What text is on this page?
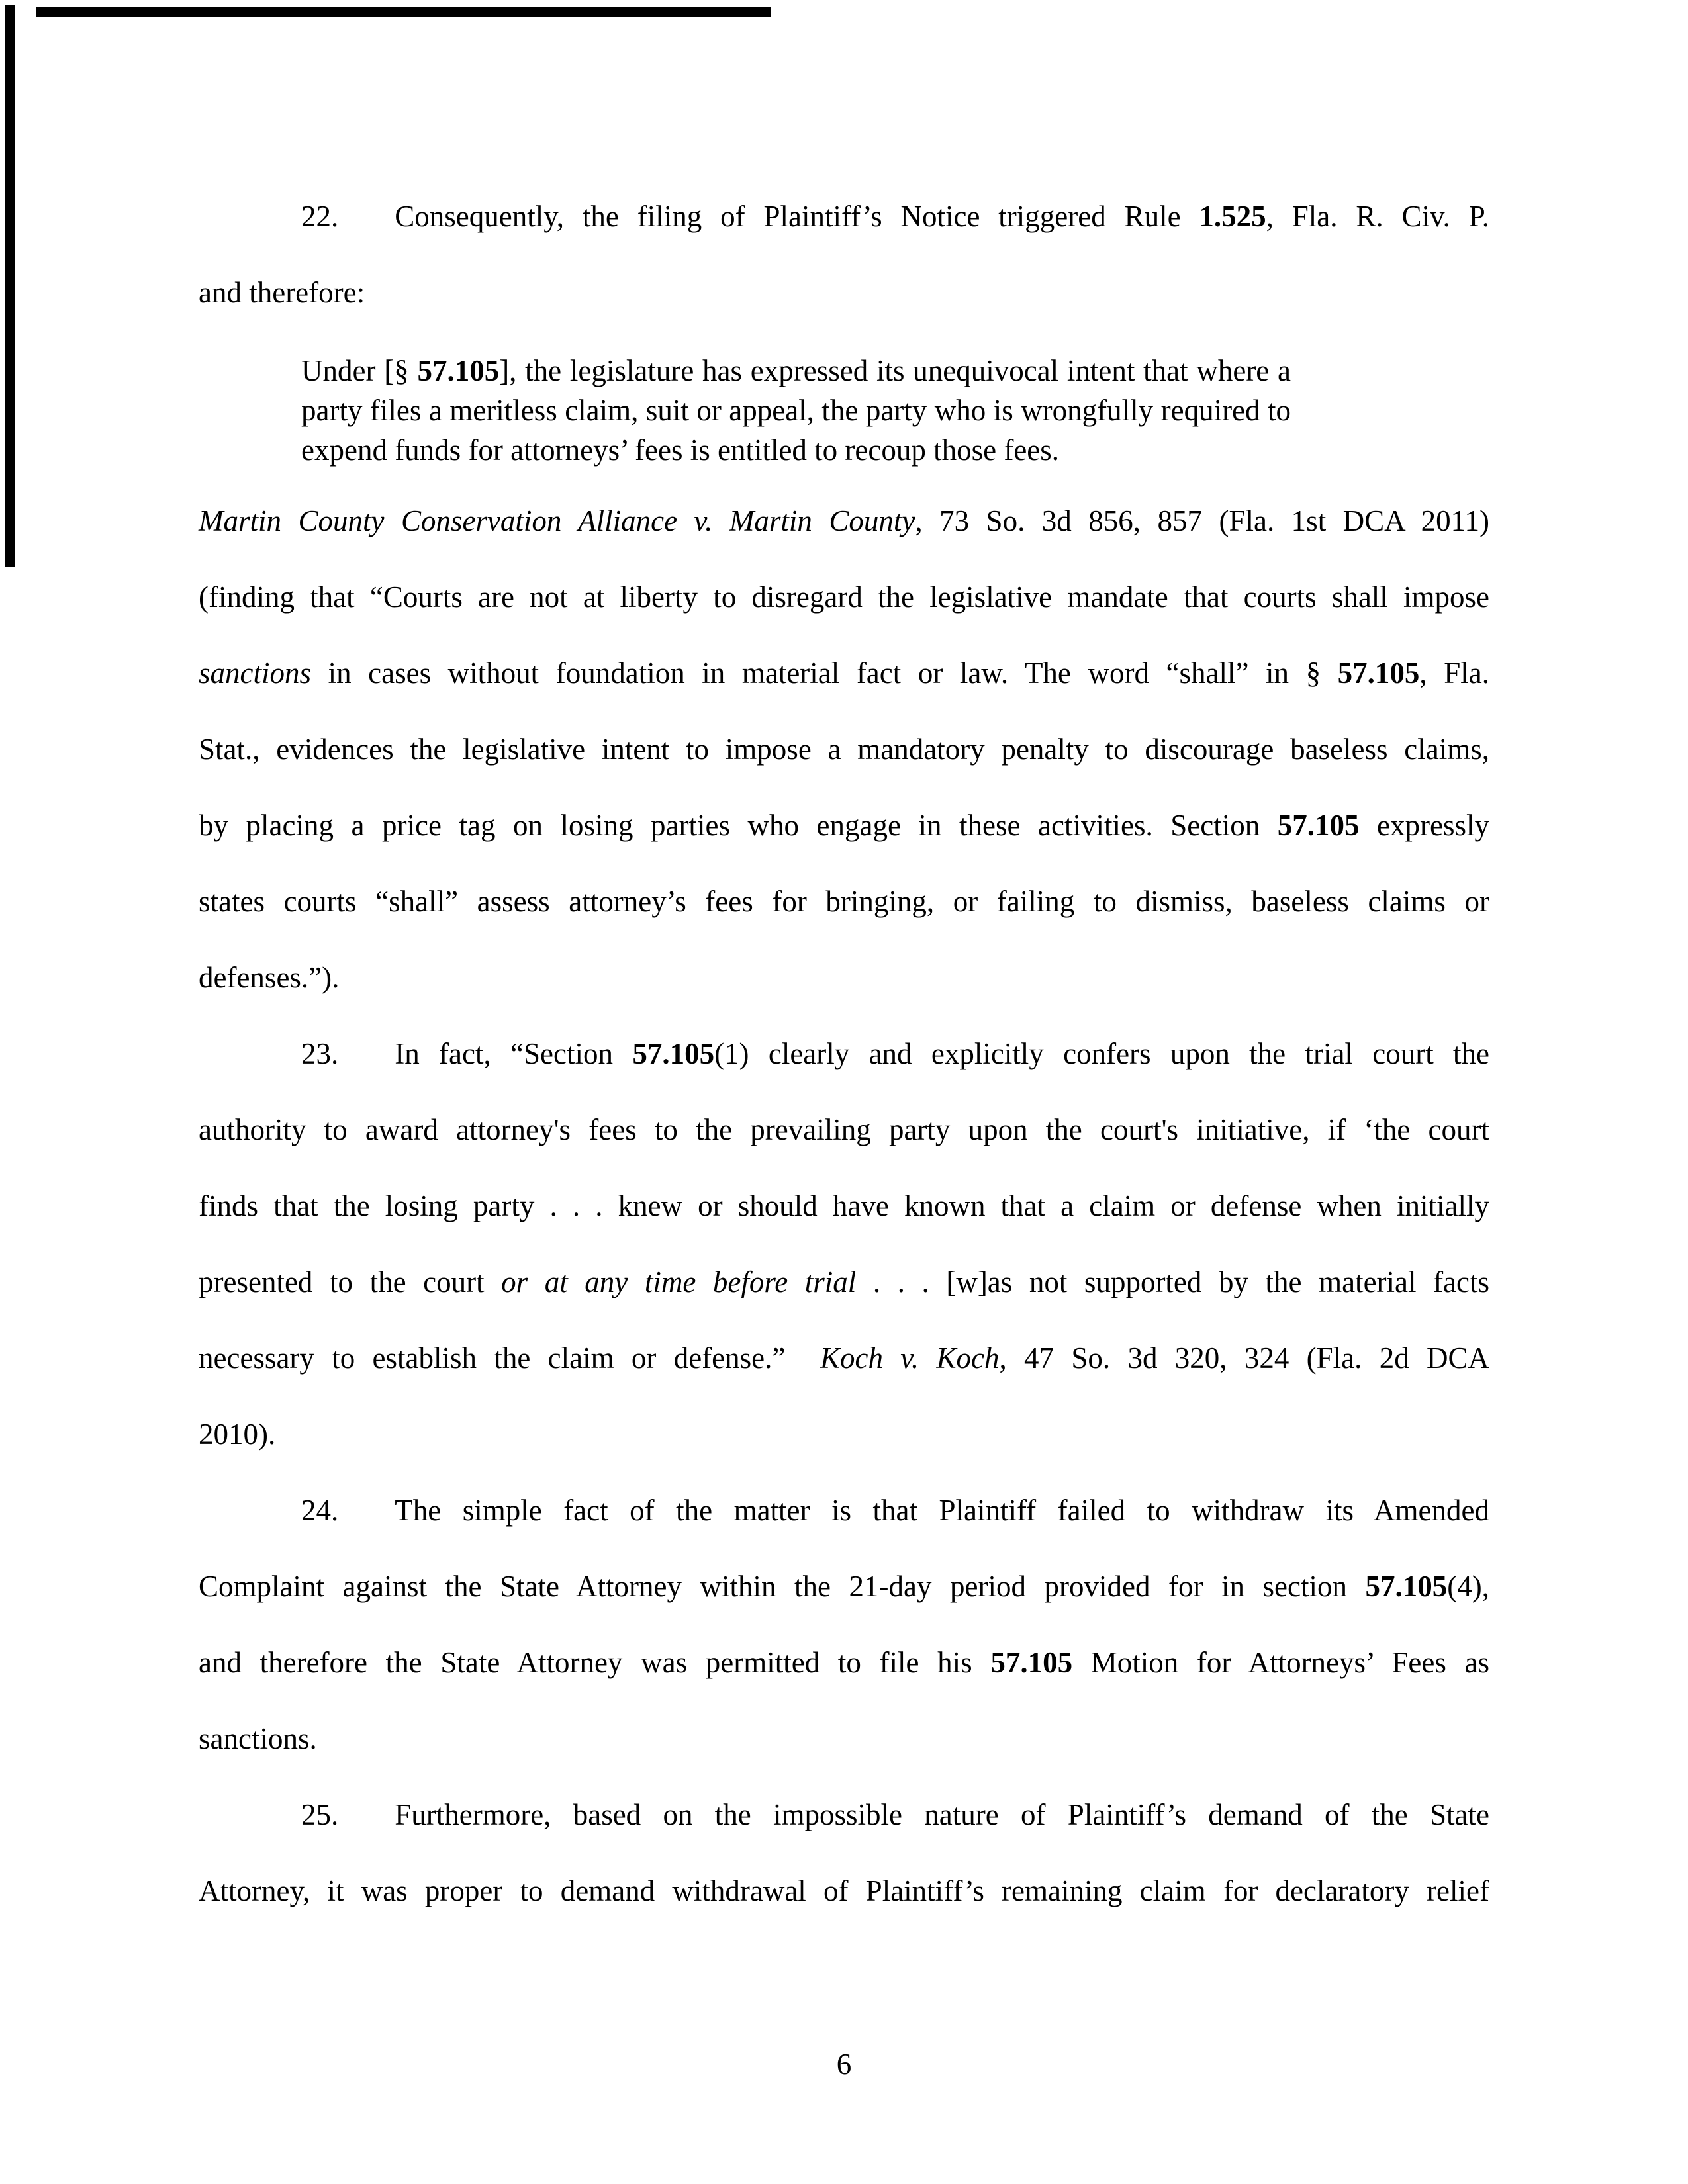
22. Consequently, the filing of Plaintiff’s Notice triggered Rule 1.525, Fla. R. Civ. P.
and therefore:
Under [§ 57.105], the legislature has expressed its unequivocal intent that where a
party files a meritless claim, suit or appeal, the party who is wrongfully required to
expend funds for attorneys’ fees is entitled to recoup those fees.
Martin County Conservation Alliance v. Martin County, 73 So. 3d 856, 857 (Fla. 1st DCA 2011)
(finding that “Courts are not at liberty to disregard the legislative mandate that courts shall impose
sanctions in cases without foundation in material fact or law. The word “shall” in § 57.105, Fla.
Stat., evidences the legislative intent to impose a mandatory penalty to discourage baseless claims,
by placing a price tag on losing parties who engage in these activities. Section 57.105 expressly
states courts “shall” assess attorney’s fees for bringing, or failing to dismiss, baseless claims or
defenses.”).
23. In fact, “Section 57.105(1) clearly and explicitly confers upon the trial court the
authority to award attorney's fees to the prevailing party upon the court's initiative, if ‘the court
finds that the losing party . . . knew or should have known that a claim or defense when initially
presented to the court or at any time before trial . . . [w]as not supported by the material facts
necessary to establish the claim or defense.”  Koch v. Koch, 47 So. 3d 320, 324 (Fla. 2d DCA
2010).
24. The simple fact of the matter is that Plaintiff failed to withdraw its Amended
Complaint against the State Attorney within the 21-day period provided for in section 57.105(4),
and therefore the State Attorney was permitted to file his 57.105 Motion for Attorneys’ Fees as
sanctions.
25. Furthermore, based on the impossible nature of Plaintiff’s demand of the State
Attorney, it was proper to demand withdrawal of Plaintiff’s remaining claim for declaratory relief
6
